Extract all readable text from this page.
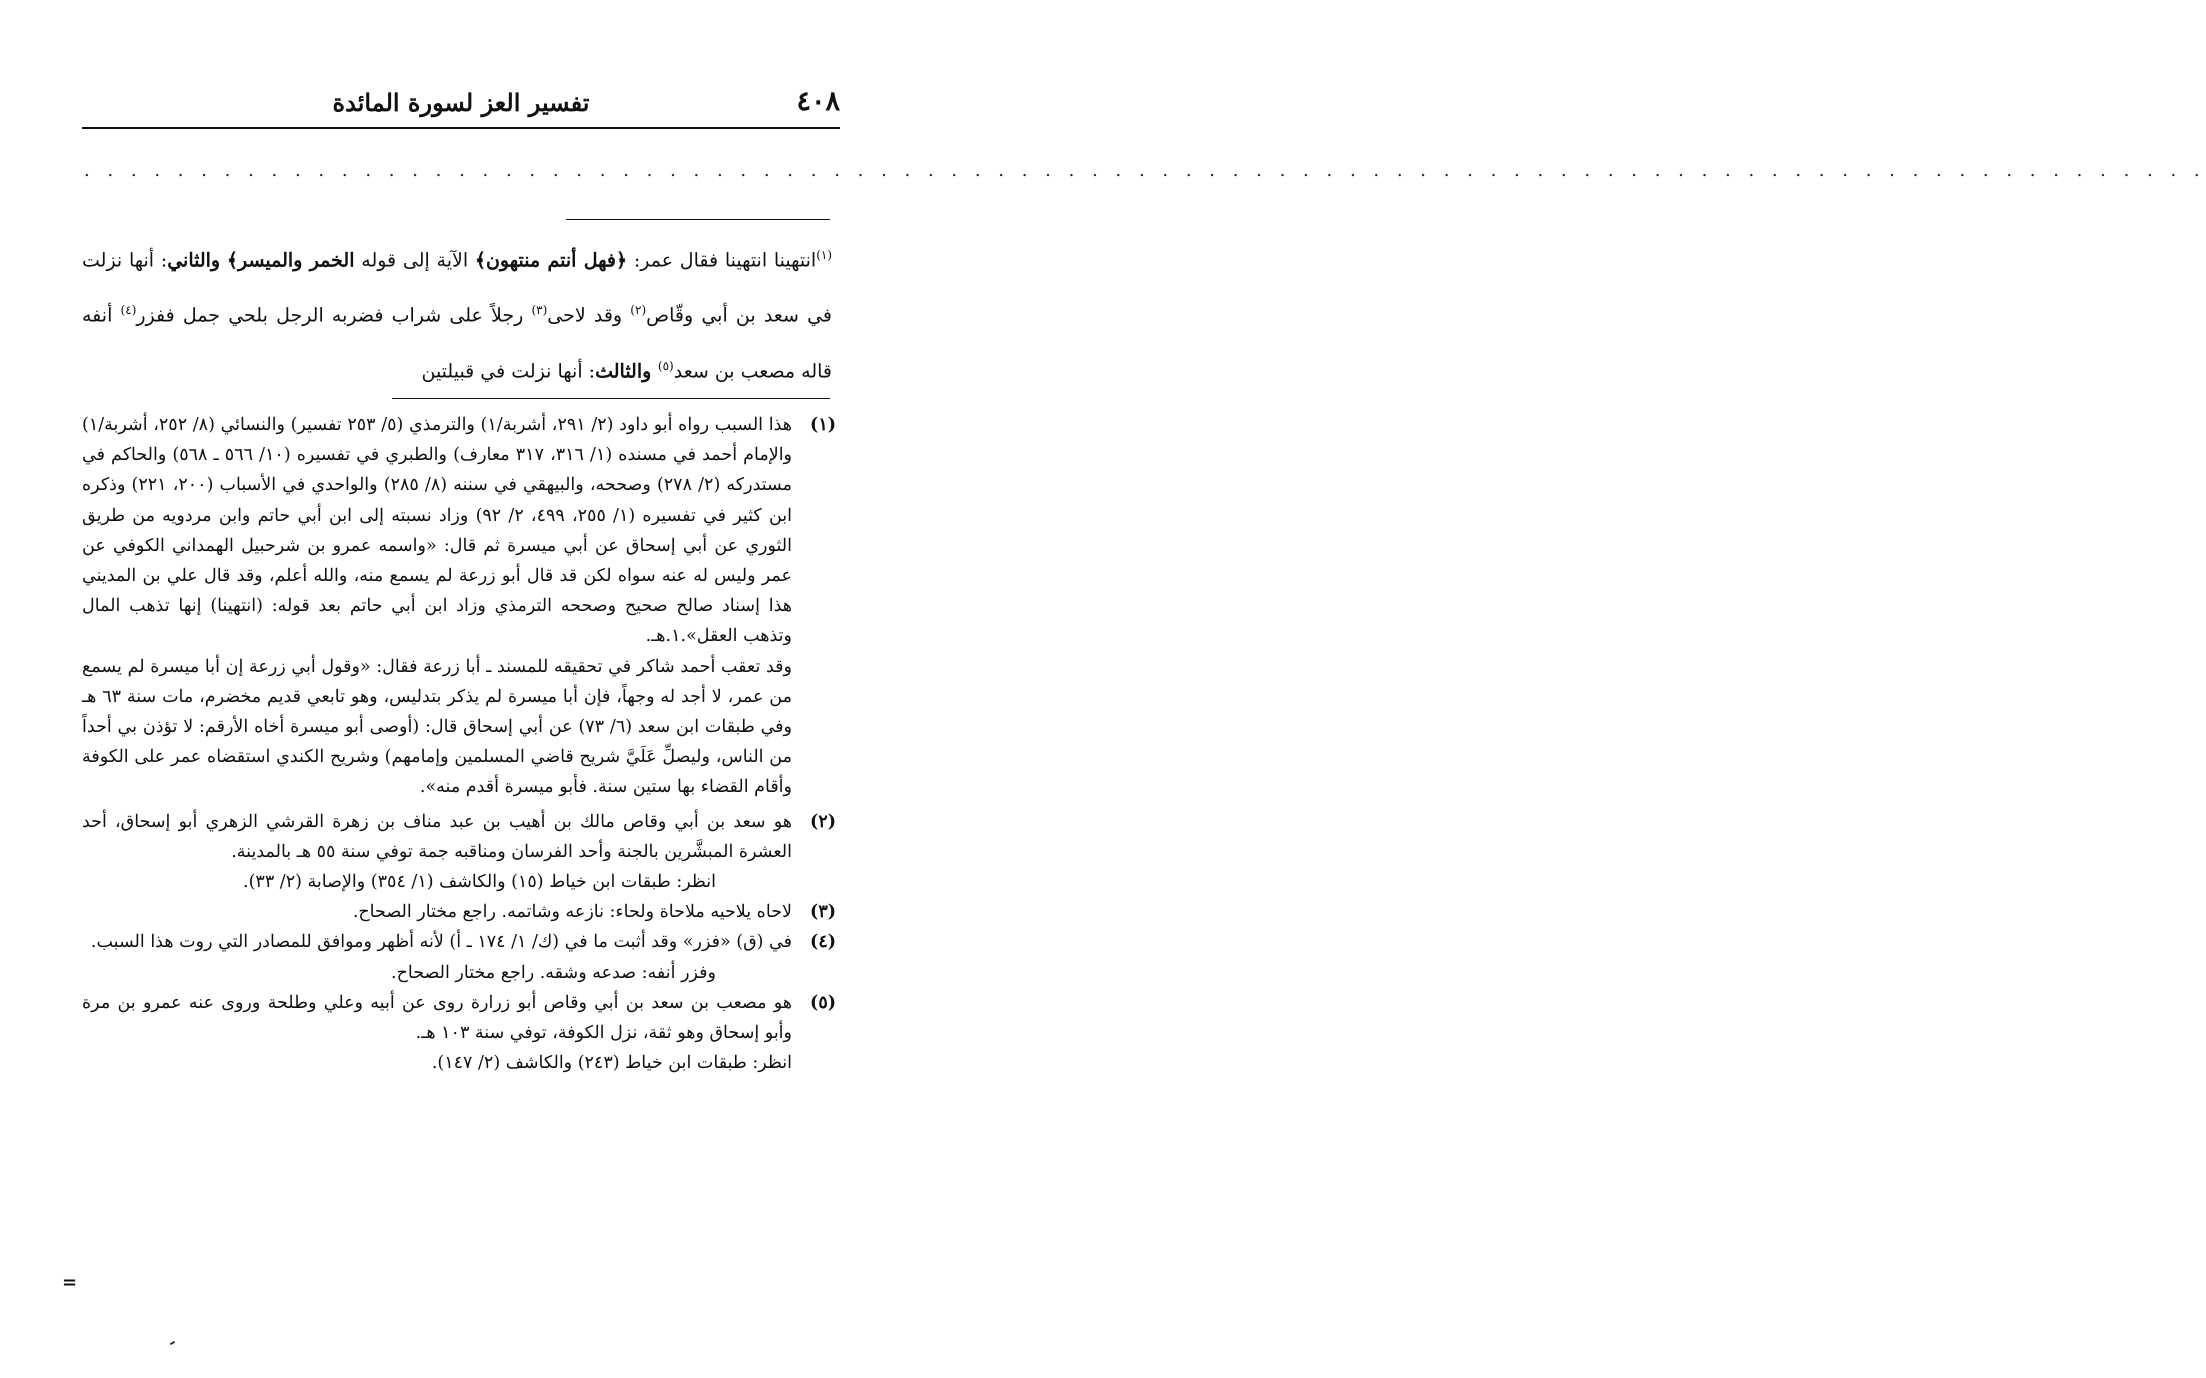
٤٠٨
تفسير العز لسورة المائدة
. . . . . . . . . . . . . . . . . . . . . . . . . . . . . . . . . . . . . . . . . . . . . . . . . . . . . . . . . . . . . . . . . . . . . . . . . . . . . . . . . . . . . . . . . . .

$^{(١)}$انتهينا انتهينا فقال عمر: ﴿فهل أنتم منتهون﴾ الآية إلى قوله الخمر والميسر﴾ والثاني: أنها نزلت في سعد بن أبي وقّاص$^{(٢)}$ وقد لاحى$^{(٣)}$ رجلاً على شراب فضربه الرجل بلحي جمل ففزر$^{(٤)}$ أنفه قاله مصعب بن سعد$^{(٥)}$ والثالث: أنها نزلت في قبيلتين

(١)
هذا السبب رواه أبو داود (٢/ ٢٩١، أشربة/١) والترمذي (٥/ ٢٥٣ تفسير) والنسائي (٨/ ٢٥٢، أشربة/١) والإمام أحمد في مسنده (١/ ٣١٦، ٣١٧ معارف) والطبري في تفسيره (١٠/ ٥٦٦ ـ ٥٦٨) والحاكم في مستدركه (٢/ ٢٧٨) وصححه، والبيهقي في سننه (٨/ ٢٨٥) والواحدي في الأسباب (٢٠٠، ٢٢١) وذكره ابن كثير في تفسيره (١/ ٢٥٥، ٤٩٩، ٢/ ٩٢) وزاد نسبته إلى ابن أبي حاتم وابن مردويه من طريق الثوري عن أبي إسحاق عن أبي ميسرة ثم قال: «واسمه عمرو بن شرحبيل الهمداني الكوفي عن عمر وليس له عنه سواه لكن قد قال أبو زرعة لم يسمع منه، والله أعلم، وقد قال علي بن المديني هذا إسناد صالح صحيح وصححه الترمذي وزاد ابن أبي حاتم بعد قوله: (انتهينا) إنها تذهب المال وتذهب العقل».١.هـ.
وقد تعقب أحمد شاكر في تحقيقه للمسند ـ أبا زرعة فقال: «وقول أبي زرعة إن أبا ميسرة لم يسمع من عمر، لا أجد له وجهاً، فإن أبا ميسرة لم يذكر بتدليس، وهو تابعي قديم مخضرم، مات سنة ٦٣ هـ وفي طبقات ابن سعد (٦/ ٧٣) عن أبي إسحاق قال: (أوصى أبو ميسرة أخاه الأرقم: لا تؤذن بي أحداً من الناس، وليصلِّ عَلَيَّ شريح قاضي المسلمين وإمامهم) وشريح الكندي استقضاه عمر على الكوفة وأقام القضاء بها ستين سنة. فأبو ميسرة أقدم منه».
(٢)
هو سعد بن أبي وقاص مالك بن أهيب بن عبد مناف بن زهرة القرشي الزهري أبو إسحاق، أحد العشرة المبشَّرين بالجنة وأحد الفرسان ومناقبه جمة توفي سنة ٥٥ هـ بالمدينة.
انظر: طبقات ابن خياط (١٥) والكاشف (١/ ٣٥٤) والإصابة (٢/ ٣٣).
(٣)
لاحاه يلاحيه ملاحاة ولحاء: نازعه وشاتمه. راجع مختار الصحاح.
(٤)
في (ق) «فزر» وقد أثبت ما في (ك/ ١/ ١٧٤ ـ أ) لأنه أظهر وموافق للمصادر التي روت هذا السبب.
وفزر أنفه: صدعه وشقه. راجع مختار الصحاح.
(٥)
هو مصعب بن سعد بن أبي وقاص أبو زرارة روى عن أبيه وعلي وطلحة وروى عنه عمرو بن مرة وأبو إسحاق وهو ثقة، نزل الكوفة، توفي سنة ١٠٣ هـ.
انظر: طبقات ابن خياط (٢٤٣) والكاشف (٢/ ١٤٧).
=
